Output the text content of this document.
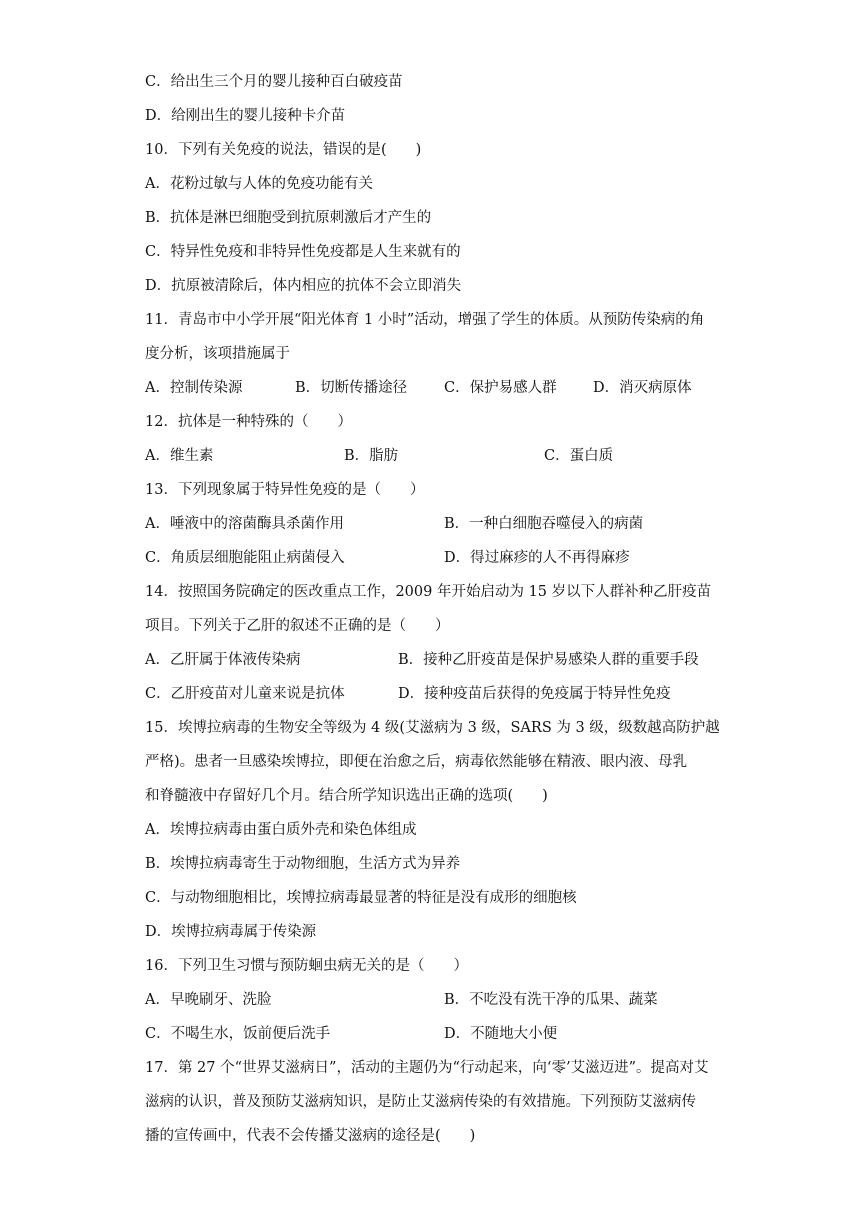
C．给出生三个月的婴儿接种百白破疫苗
D．给刚出生的婴儿接种卡介苗
10．下列有关免疫的说法，错误的是(　　)
A．花粉过敏与人体的免疫功能有关
B．抗体是淋巴细胞受到抗原刺激后才产生的
C．特异性免疫和非特异性免疫都是人生来就有的
D．抗原被清除后，体内相应的抗体不会立即消失
11．青岛市中小学开展“阳光体育 1 小时”活动，增强了学生的体质。从预防传染病的角
度分析，该项措施属于
A．控制传染源	B．切断传播途径	C．保护易感人群	D．消灭病原体
12．抗体是一种特殊的（　　）
A．维生素	B．脂肪	C．蛋白质
13．下列现象属于特异性免疫的是（　　）
A．唾液中的溶菌酶具杀菌作用	B．一种白细胞吞噬侵入的病菌
C．角质层细胞能阻止病菌侵入	D．得过麻疹的人不再得麻疹
14．按照国务院确定的医改重点工作，2009 年开始启动为 15 岁以下人群补种乙肝疫苗
项目。下列关于乙肝的叙述不正确的是（　　）
A．乙肝属于体液传染病	B．接种乙肝疫苗是保护易感染人群的重要手段
C．乙肝疫苗对儿童来说是抗体	D．接种疫苗后获得的免疫属于特异性免疫
15．埃博拉病毒的生物安全等级为 4 级(艾滋病为 3 级，SARS 为 3 级，级数越高防护越
严格)。患者一旦感染埃博拉，即便在治愈之后，病毒依然能够在精液、眼内液、母乳
和脊髓液中存留好几个月。结合所学知识选出正确的选项(　　)
A．埃博拉病毒由蛋白质外壳和染色体组成
B．埃博拉病毒寄生于动物细胞，生活方式为异养
C．与动物细胞相比，埃博拉病毒最显著的特征是没有成形的细胞核
D．埃博拉病毒属于传染源
16．下列卫生习惯与预防蛔虫病无关的是（　　）
A．早晚刷牙、洗脸	B．不吃没有洗干净的瓜果、蔬菜
C．不喝生水，饭前便后洗手	D．不随地大小便
17．第 27 个“世界艾滋病日”，活动的主题仍为“行动起来，向‘零’艾滋迈进”。提高对艾
滋病的认识，普及预防艾滋病知识，是防止艾滋病传染的有效措施。下列预防艾滋病传
播的宣传画中，代表不会传播艾滋病的途径是(　　)
